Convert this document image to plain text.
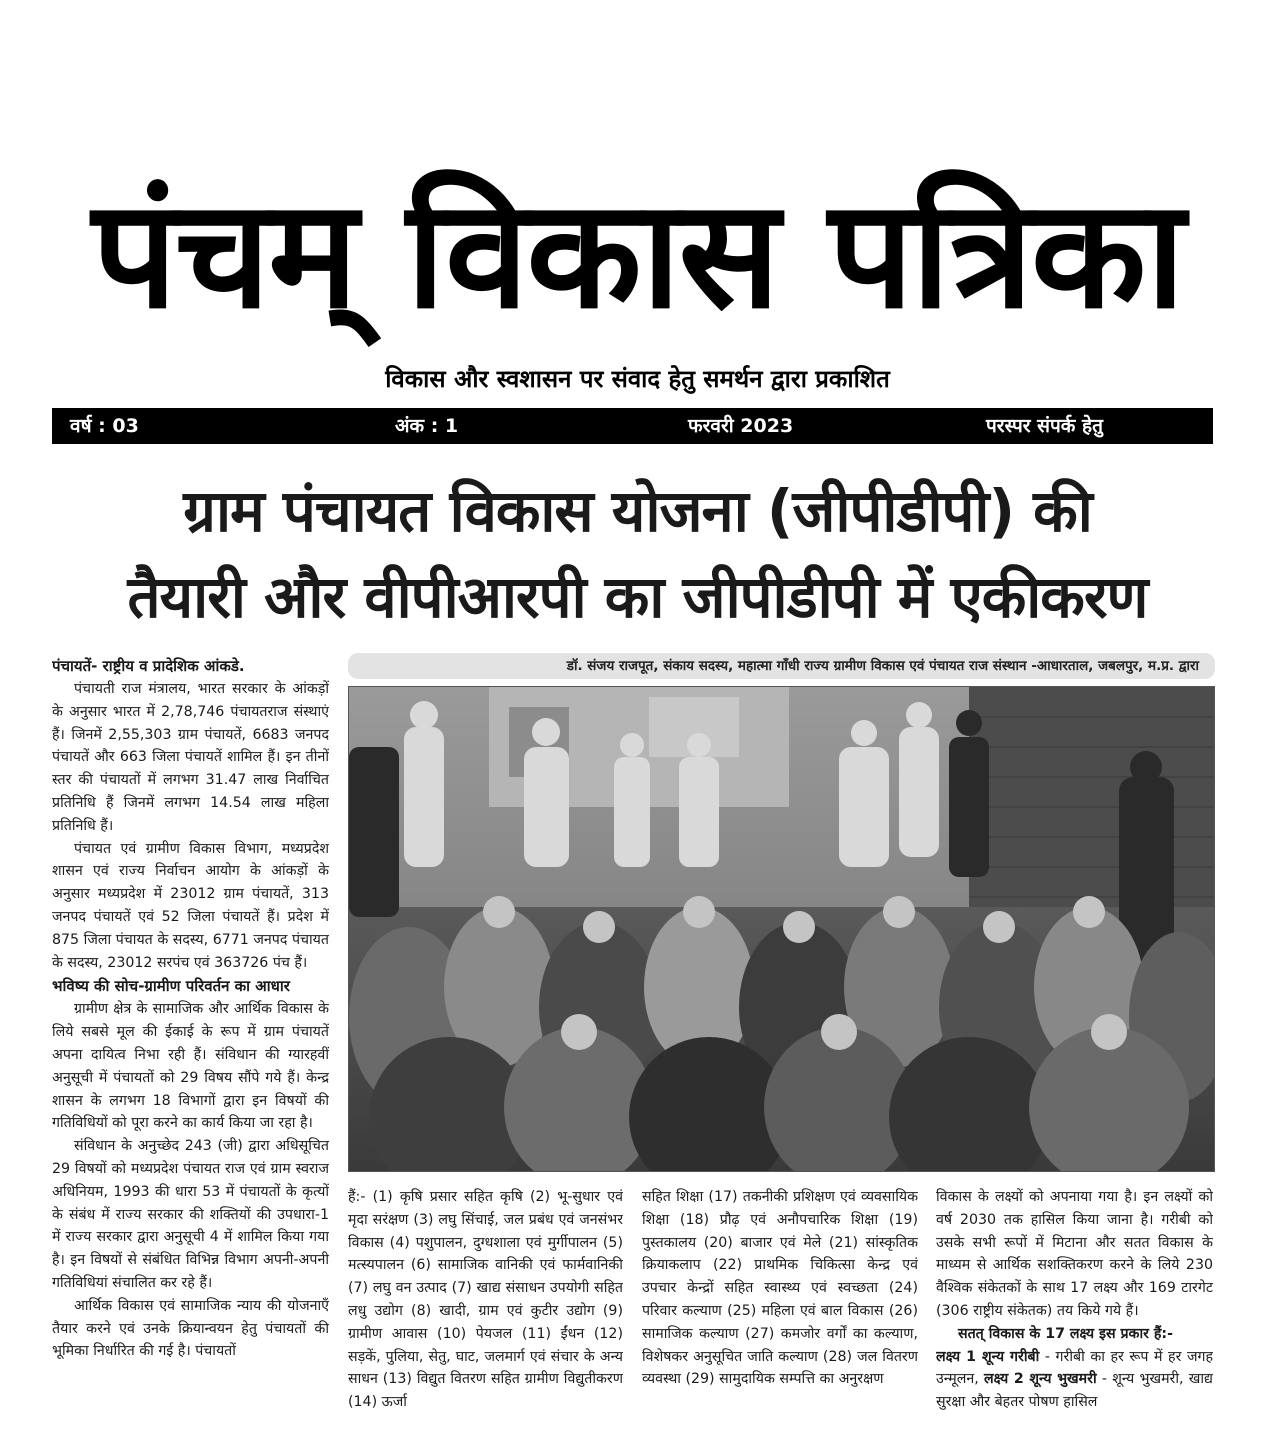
पंचम् विकास पत्रिका
विकास और स्वशासन पर संवाद हेतु समर्थन द्वारा प्रकाशित
वर्ष : 03	अंक : 1	फरवरी 2023	परस्पर संपर्क हेतु
ग्राम पंचायत विकास योजना (जीपीडीपी) की
तैयारी और वीपीआरपी का जीपीडीपी में एकीकरण
डॉ. संजय राजपूत, संकाय सदस्य, महात्मा गाँधी राज्य ग्रामीण विकास एवं पंचायत राज संस्थान -आधारताल, जबलपुर, म.प्र. द्वारा

पंचायतें- राष्ट्रीय व प्रादेशिक आंकडे.

पंचायती राज मंत्रालय, भारत सरकार के आंकड़ों के अनुसार भारत में 2,78,746 पंचायतराज संस्थाएं हैं। जिनमें 2,55,303 ग्राम पंचायतें, 6683 जनपद पंचायतें और 663 जिला पंचायतें शामिल हैं। इन तीनों स्तर की पंचायतों में लगभग 31.47 लाख निर्वाचित प्रतिनिधि हैं जिनमें लगभग 14.54 लाख महिला प्रतिनिधि हैं।

पंचायत एवं ग्रामीण विकास विभाग, मध्यप्रदेश शासन एवं राज्य निर्वाचन आयोग के आंकड़ों के अनुसार मध्यप्रदेश में 23012 ग्राम पंचायतें, 313 जनपद पंचायतें एवं 52 जिला पंचायतें हैं। प्रदेश में 875 जिला पंचायत के सदस्य, 6771 जनपद पंचायत के सदस्य, 23012 सरपंच एवं 363726 पंच हैं।

भविष्य की सोच-ग्रामीण परिवर्तन का आधार

ग्रामीण क्षेत्र के सामाजिक और आर्थिक विकास के लिये सबसे मूल की ईकाई के रूप में ग्राम पंचायतें अपना दायित्व निभा रही हैं। संविधान की ग्यारहवीं अनुसूची में पंचायतों को 29 विषय सौंपे गये हैं। केन्द्र शासन के लगभग 18 विभागों द्वारा इन विषयों की गतिविधियों को पूरा करने का कार्य किया जा रहा है।

संविधान के अनुच्छेद 243 (जी) द्वारा अधिसूचित 29 विषयों को मध्यप्रदेश पंचायत राज एवं ग्राम स्वराज अधिनियम, 1993 की धारा 53 में पंचायतों के कृत्यों के संबंध में राज्य सरकार की शक्तियों की उपधारा-1 में राज्य सरकार द्वारा अनुसूची 4 में शामिल किया गया है। इन विषयों से संबंधित विभिन्न विभाग अपनी-अपनी गतिविधियां संचालित कर रहे हैं।

आर्थिक विकास एवं सामाजिक न्याय की योजनाएँ तैयार करने एवं उनके क्रियान्वयन हेतु पंचायतों की भूमिका निर्धारित की गई है। पंचायतों

हैं:- (1) कृषि प्रसार सहित कृषि (2) भू-सुधार एवं मृदा सरंक्षण (3) लघु सिंचाई, जल प्रबंध एवं जनसंभर विकास (4) पशुपालन, दुग्धशाला एवं मुर्गीपालन (5) मत्स्यपालन (6) सामाजिक वानिकी एवं फार्मवानिकी (7) लघु वन उत्पाद (7) खाद्य संसाधन उपयोगी सहित लधु उद्योग (8) खादी, ग्राम एवं कुटीर उद्योग (9) ग्रामीण आवास (10) पेयजल (11) ईंधन (12) सड़कें, पुलिया, सेतु, घाट, जलमार्ग एवं संचार के अन्य साधन (13) विद्युत वितरण सहित ग्रामीण विद्युतीकरण (14) ऊर्जा

सहित शिक्षा (17) तकनीकी प्रशिक्षण एवं व्यवसायिक शिक्षा (18) प्रौढ़ एवं अनौपचारिक शिक्षा (19) पुस्तकालय (20) बाजार एवं मेले (21) सांस्कृतिक क्रियाकलाप (22) प्राथमिक चिकित्सा केन्द्र एवं उपचार केन्द्रों सहित स्वास्थ्य एवं स्वच्छता (24) परिवार कल्याण (25) महिला एवं बाल विकास (26) सामाजिक कल्याण (27) कमजोर वर्गों का कल्याण, विशेषकर अनुसूचित जाति कल्याण (28) जल वितरण व्यवस्था (29) सामुदायिक सम्पत्ति का अनुरक्षण

विकास के लक्ष्यों को अपनाया गया है। इन लक्ष्यों को वर्ष 2030 तक हासिल किया जाना है। गरीबी को उसके सभी रूपों में मिटाना और सतत विकास के माध्यम से आर्थिक सशक्तिकरण करने के लिये 230 वैश्विक संकेतकों के साथ 17 लक्ष्य और 169 टारगेट (306 राष्ट्रीय संकेतक) तय किये गये हैं।

सतत् विकास के 17 लक्ष्य इस प्रकार हैं:-

लक्ष्य 1 शून्य गरीबी - गरीबी का हर रूप में हर जगह उन्मूलन, लक्ष्य 2 शून्य भुखमरी - शून्य भुखमरी, खाद्य सुरक्षा और बेहतर पोषण हासिल
